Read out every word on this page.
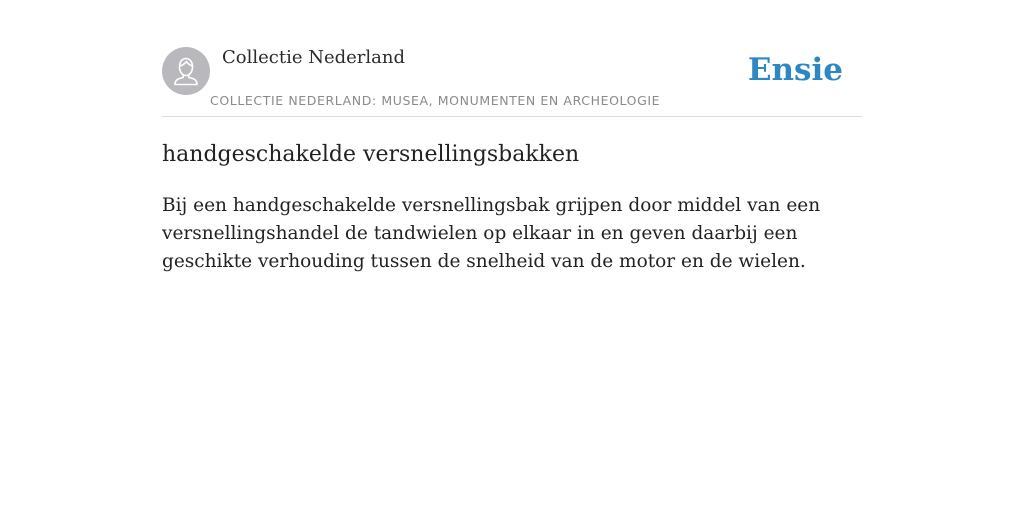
Collectie Nederland
COLLECTIE NEDERLAND: MUSEA, MONUMENTEN EN ARCHEOLOGIE
Ensie
handgeschakelde versnellingsbakken

Bij een handgeschakelde versnellingsbak grijpen door middel van een versnellingshandel de tandwielen op elkaar in en geven daarbij een geschikte verhouding tussen de snelheid van de motor en de wielen.
